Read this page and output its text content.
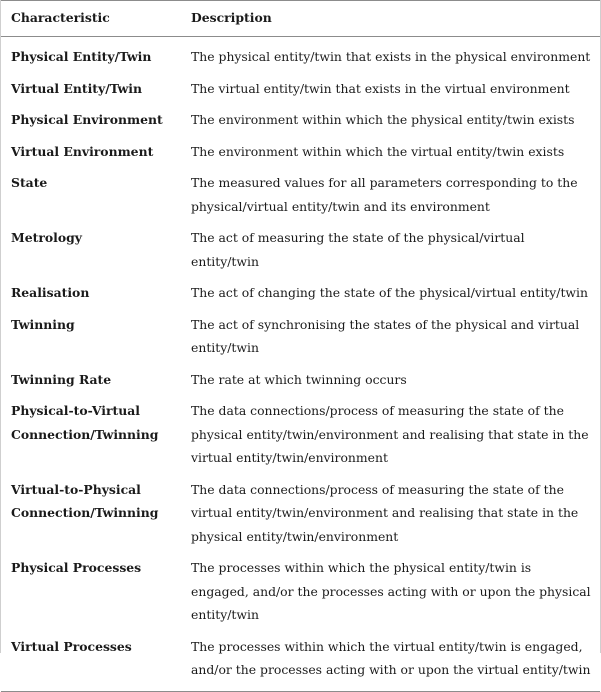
Characteristic	Description
Physical Entity/Twin	The physical entity/twin that exists in the physical environment
Virtual Entity/Twin	The virtual entity/twin that exists in the virtual environment
Physical Environment	The environment within which the physical entity/twin exists
Virtual Environment	The environment within which the virtual entity/twin exists
State	The measured values for all parameters corresponding to the physical/virtual entity/twin and its environment
Metrology	The act of measuring the state of the physical/virtual entity/twin
Realisation	The act of changing the state of the physical/virtual entity/twin
Twinning	The act of synchronising the states of the physical and virtual entity/twin
Twinning Rate	The rate at which twinning occurs
Physical-to-Virtual Connection/Twinning	The data connections/process of measuring the state of the physical entity/twin/environment and realising that state in the virtual entity/twin/environment
Virtual-to-Physical Connection/Twinning	The data connections/process of measuring the state of the virtual entity/twin/environment and realising that state in the physical entity/twin/environment
Physical Processes	The processes within which the physical entity/twin is engaged, and/or the processes acting with or upon the physical entity/twin
Virtual Processes	The processes within which the virtual entity/twin is engaged, and/or the processes acting with or upon the virtual entity/twin
